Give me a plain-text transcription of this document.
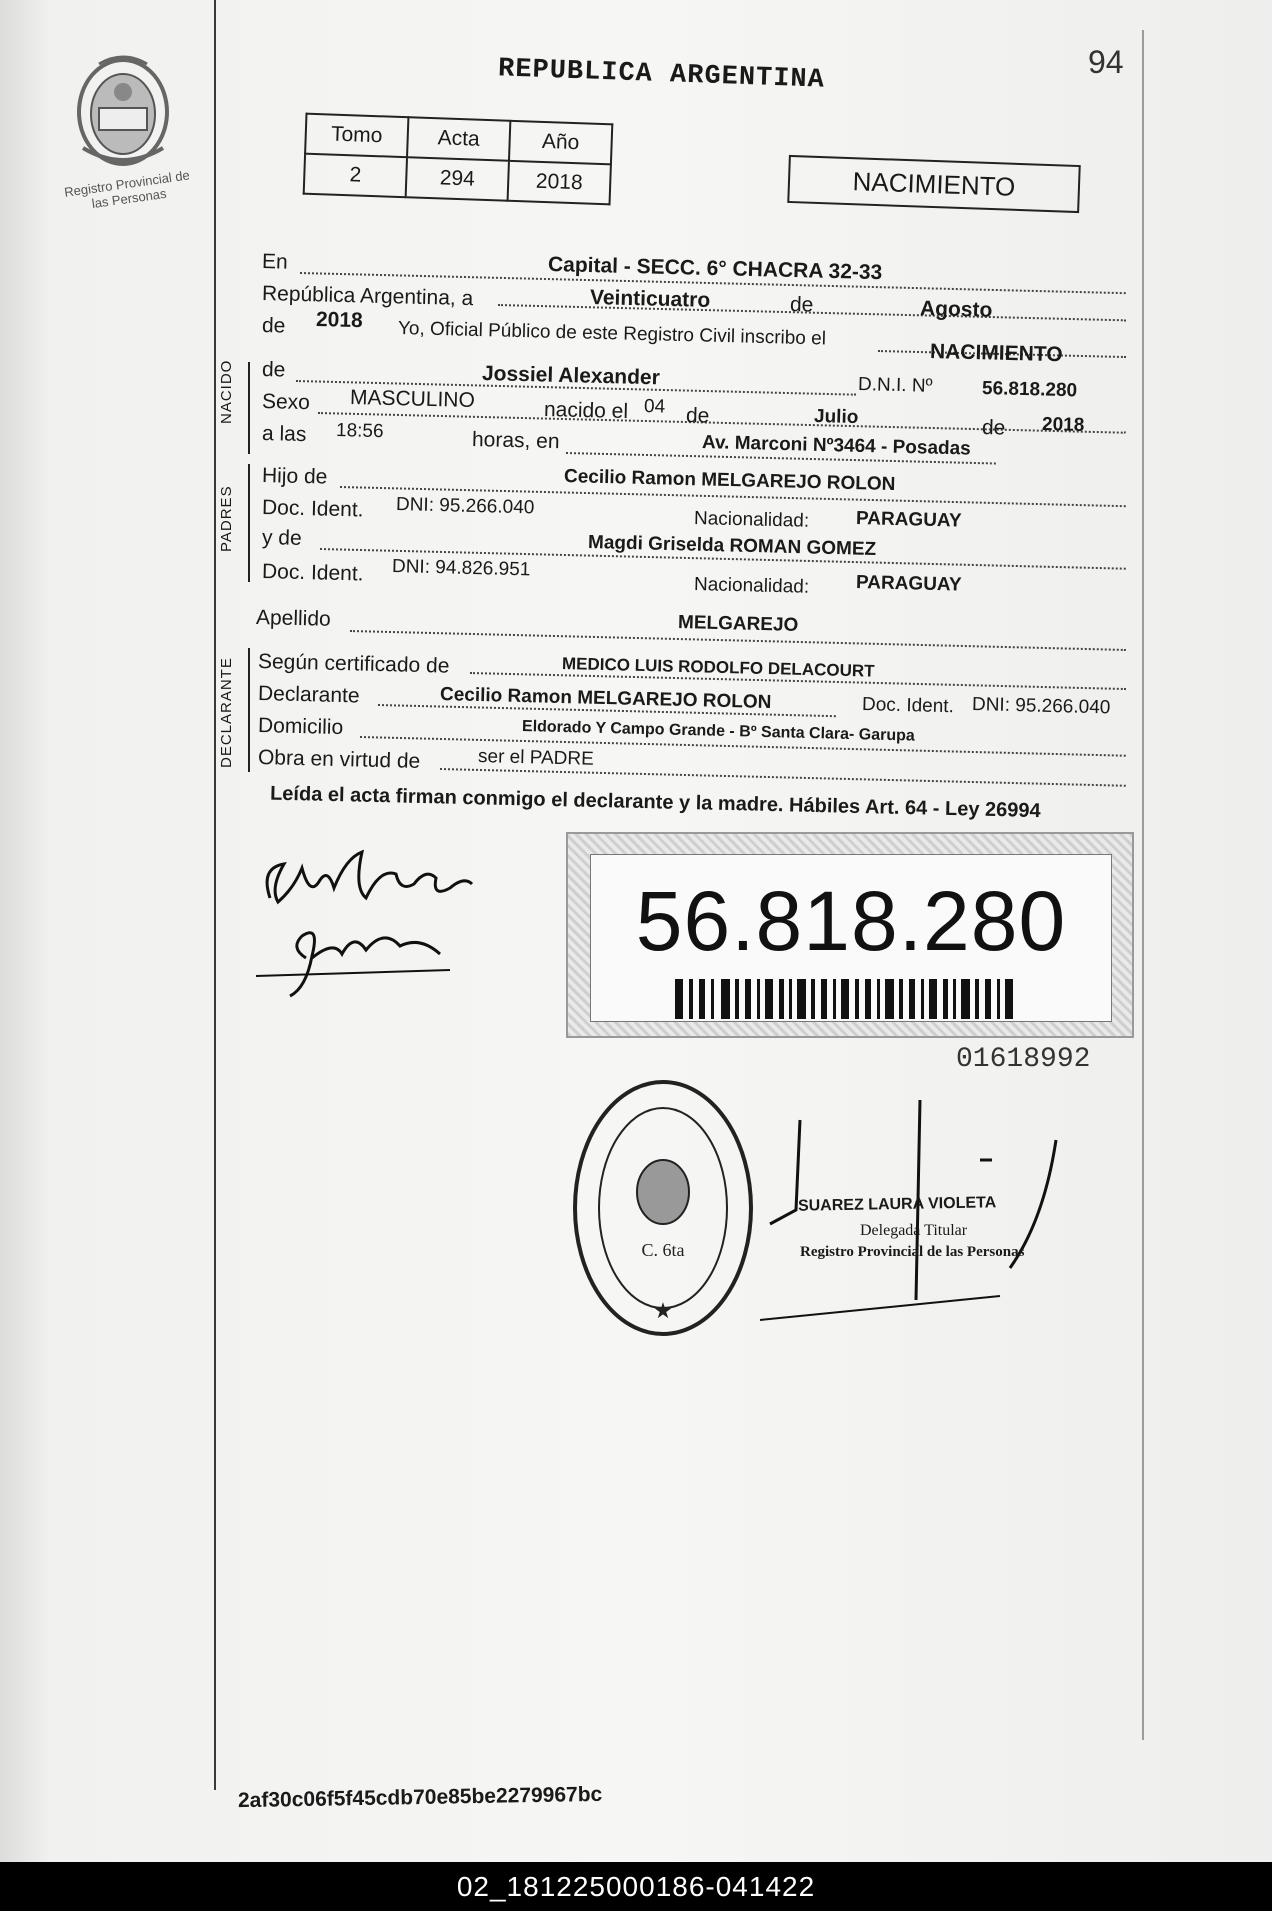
Registro Provincial de las Personas
94
REPUBLICA ARGENTINA
Tomo	Acta	Año
2	294	2018	NACIMIENTO
NACIDO
PADRES
DECLARANTE
En	Capital - SECC. 6° CHACRA 32-33
República Argentina, a	Veinticuatro	de	Agosto
de 2018 Yo, Oficial Público de este Registro Civil inscribo el
NACIMIENTO
de	Jossiel Alexander	D.N.I. Nº	56.818.280
Sexo MASCULINO	nacido el 04 de	Julio	de 2018
a las 18:56	horas, en	Av. Marconi Nº3464 - Posadas
Hijo de	Cecilio Ramon MELGAREJO ROLON
Doc. Ident. DNI: 95.266.040
Nacionalidad: PARAGUAY
y de	Magdi Griselda ROMAN GOMEZ
Doc. Ident. DNI: 94.826.951
Nacionalidad: PARAGUAY
Apellido	MELGAREJO
Según certificado de	MEDICO LUIS RODOLFO DELACOURT
Declarante	Cecilio Ramon MELGAREJO ROLON	Doc. Ident. DNI: 95.266.040
Domicilio	Eldorado Y Campo Grande - Bº Santa Clara- Garupa
Obra en virtud de	ser el PADRE
Leída el acta firman conmigo el declarante y la madre. Hábiles Art. 64 - Ley 26994
56.818.280
01618992
C. 6ta
★
SUAREZ LAURA VIOLETA
Delegada Titular
Registro Provincial de las Personas
2af30c06f5f45cdb70e85be2279967bc
02_181225000186-041422
